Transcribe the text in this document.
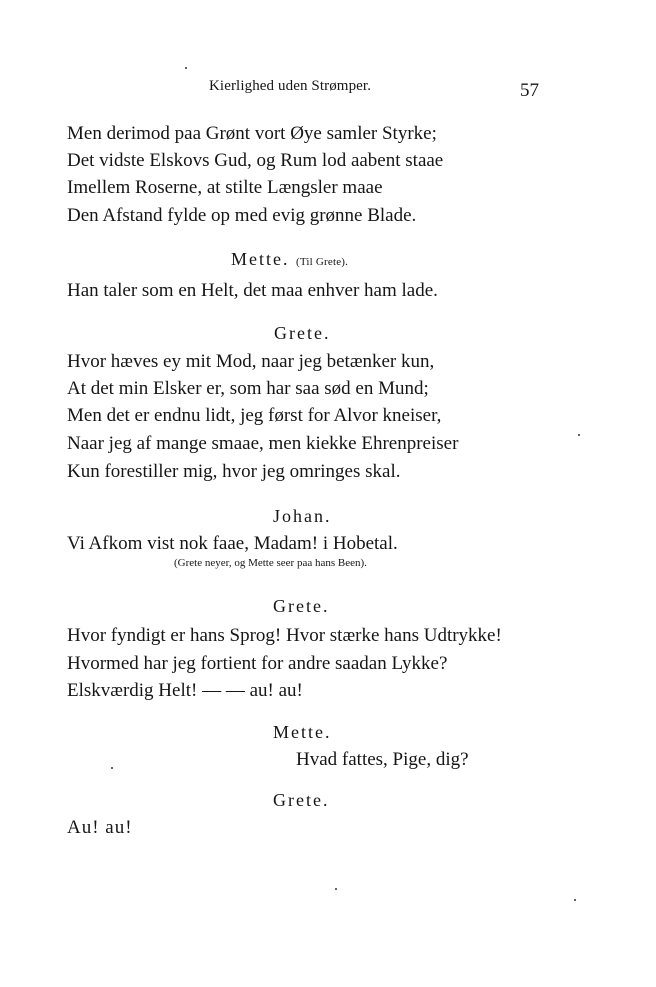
Kierlighed uden Strømper.	57
Men derimod paa Grønt vort Øye samler Styrke;
Det vidste Elskovs Gud, og Rum lod aabent staae
Imellem Roserne, at stilte Længsler maae
Den Afstand fylde op med evig grønne Blade.
Mette. (Til Grete).
Han taler som en Helt, det maa enhver ham lade.
Grete.
Hvor hæves ey mit Mod, naar jeg betænker kun,
At det min Elsker er, som har saa sød en Mund;
Men det er endnu lidt, jeg først for Alvor kneiser,
Naar jeg af mange smaae, men kiekke Ehrenpreiser
Kun forestiller mig, hvor jeg omringes skal.
Johan.
Vi Afkom vist nok faae, Madam! i Hobetal.
(Grete neyer, og Mette seer paa hans Been).
Grete.
Hvor fyndigt er hans Sprog! Hvor stærke hans Udtrykke!
Hvormed har jeg fortient for andre saadan Lykke?
Elskværdig Helt! — — au! au!
Mette.
Hvad fattes, Pige, dig?
Grete.
Au! au!
